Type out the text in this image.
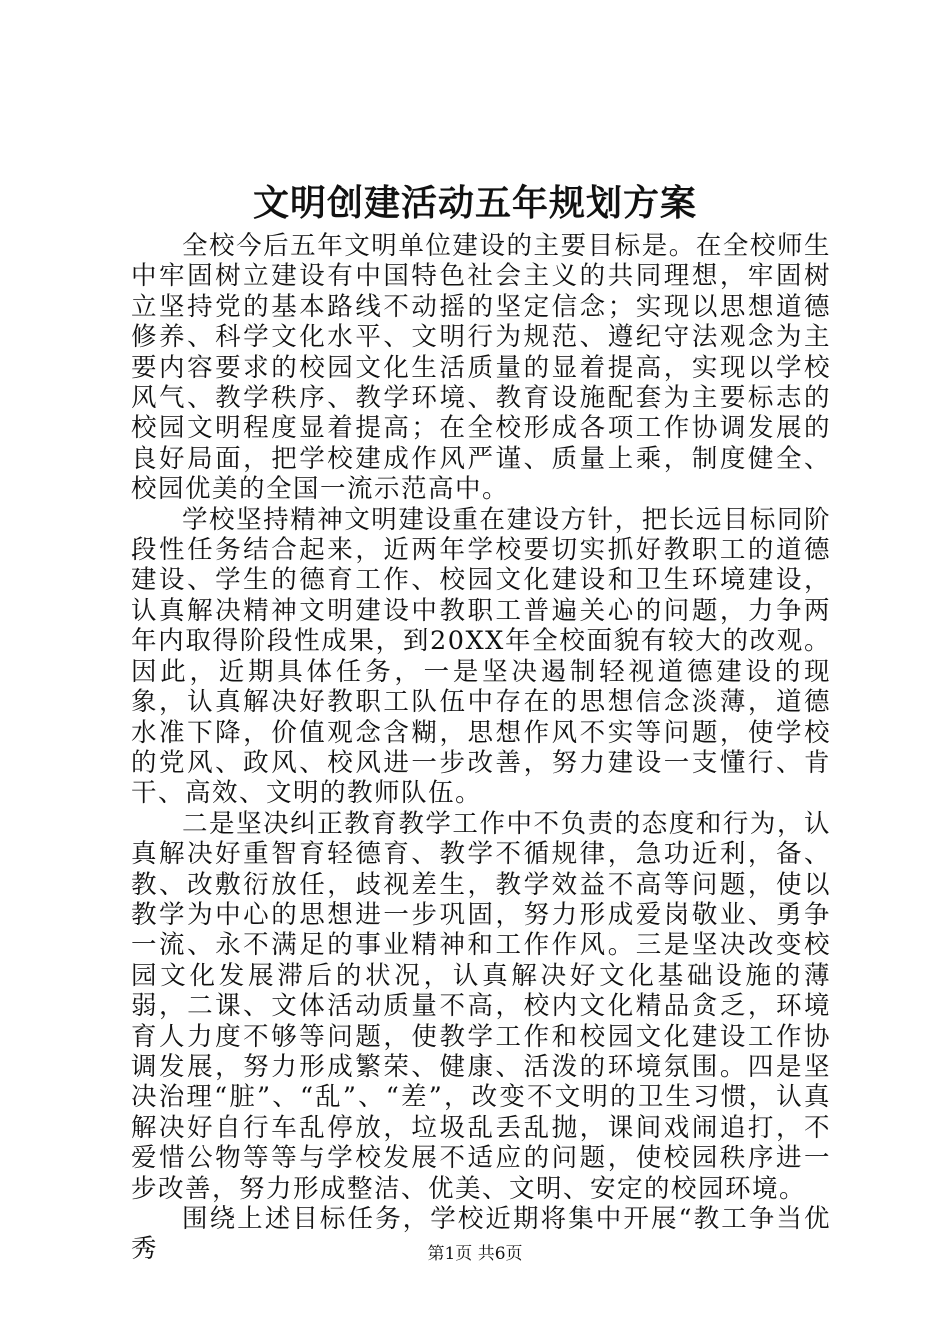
文明创建活动五年规划方案

全校今后五年文明单位建设的主要目标是。在全校师生中牢固树立建设有中国特色社会主义的共同理想，牢固树立坚持党的基本路线不动摇的坚定信念；实现以思想道德修养、科学文化水平、文明行为规范、遵纪守法观念为主要内容要求的校园文化生活质量的显着提高，实现以学校风气、教学秩序、教学环境、教育设施配套为主要标志的校园文明程度显着提高；在全校形成各项工作协调发展的良好局面，把学校建成作风严谨、质量上乘，制度健全、校园优美的全国一流示范高中。

学校坚持精神文明建设重在建设方针，把长远目标同阶段性任务结合起来，近两年学校要切实抓好教职工的道德建设、学生的德育工作、校园文化建设和卫生环境建设，认真解决精神文明建设中教职工普遍关心的问题，力争两年内取得阶段性成果，到20XX年全校面貌有较大的改观。因此，近期具体任务，一是坚决遏制轻视道德建设的现象，认真解决好教职工队伍中存在的思想信念淡薄，道德水准下降，价值观念含糊，思想作风不实等问题，使学校的党风、政风、校风进一步改善，努力建设一支懂行、肯干、高效、文明的教师队伍。

二是坚决纠正教育教学工作中不负责的态度和行为，认真解决好重智育轻德育、教学不循规律，急功近利，备、教、改敷衍放任，歧视差生，教学效益不高等问题，使以教学为中心的思想进一步巩固，努力形成爱岗敬业、勇争一流、永不满足的事业精神和工作作风。三是坚决改变校园文化发展滞后的状况，认真解决好文化基础设施的薄弱，二课、文体活动质量不高，校内文化精品贪乏，环境育人力度不够等问题，使教学工作和校园文化建设工作协调发展，努力形成繁荣、健康、活泼的环境氛围。四是坚决治理“脏”、“乱”、“差”，改变不文明的卫生习惯，认真解决好自行车乱停放，垃圾乱丢乱抛，课间戏闹追打，不爱惜公物等等与学校发展不适应的问题，使校园秩序进一步改善，努力形成整洁、优美、文明、安定的校园环境。

围绕上述目标任务，学校近期将集中开展“教工争当优秀	第1页 共6页
